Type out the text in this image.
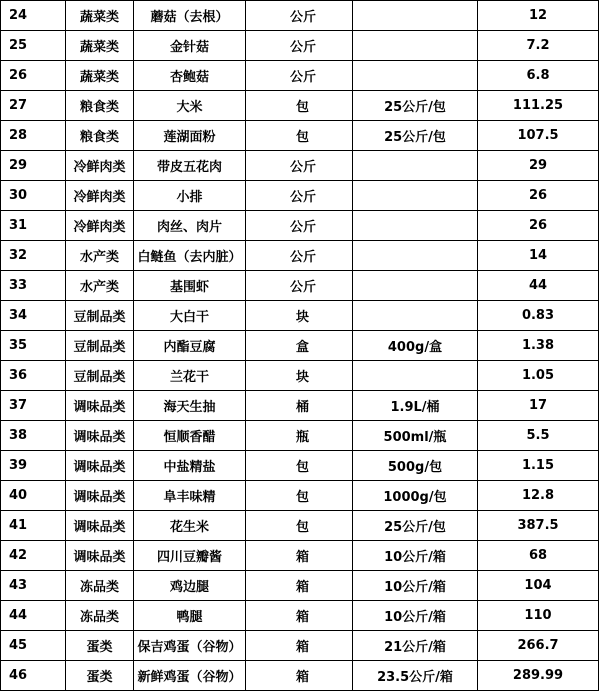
24	蔬菜类	蘑菇（去根）	公斤		12
25	蔬菜类	金针菇	公斤		7.2
26	蔬菜类	杏鲍菇	公斤		6.8
27	粮食类	大米	包	25公斤/包	111.25
28	粮食类	莲湖面粉	包	25公斤/包	107.5
29	冷鲜肉类	带皮五花肉	公斤		29
30	冷鲜肉类	小排	公斤		26
31	冷鲜肉类	肉丝、肉片	公斤		26
32	水产类	白鲢鱼（去内脏）	公斤		14
33	水产类	基围虾	公斤		44
34	豆制品类	大白干	块		0.83
35	豆制品类	内酯豆腐	盒	400g/盒	1.38
36	豆制品类	兰花干	块		1.05
37	调味品类	海天生抽	桶	1.9L/桶	17
38	调味品类	恒顺香醋	瓶	500ml/瓶	5.5
39	调味品类	中盐精盐	包	500g/包	1.15
40	调味品类	阜丰味精	包	1000g/包	12.8
41	调味品类	花生米	包	25公斤/包	387.5
42	调味品类	四川豆瓣酱	箱	10公斤/箱	68
43	冻品类	鸡边腿	箱	10公斤/箱	104
44	冻品类	鸭腿	箱	10公斤/箱	110
45	蛋类	保吉鸡蛋（谷物）	箱	21公斤/箱	266.7
46	蛋类	新鲜鸡蛋（谷物）	箱	23.5公斤/箱	289.99
